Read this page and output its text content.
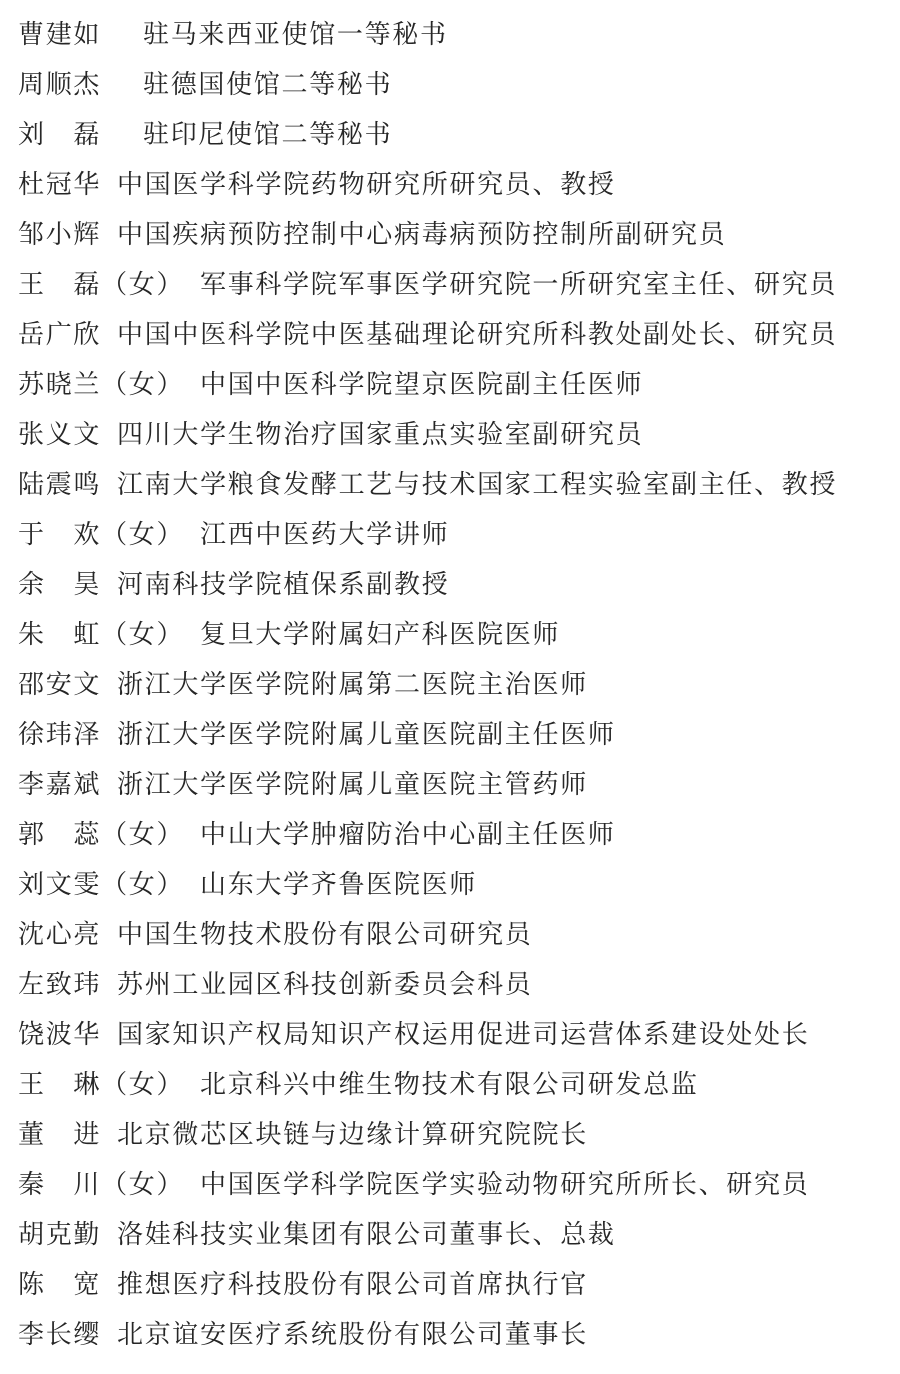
曹建如 驻马来西亚使馆一等秘书
周顺杰 驻德国使馆二等秘书
刘　磊 驻印尼使馆二等秘书
杜冠华 中国医学科学院药物研究所研究员、教授
邹小辉 中国疾病预防控制中心病毒病预防控制所副研究员
王　磊（女） 军事科学院军事医学研究院一所研究室主任、研究员
岳广欣 中国中医科学院中医基础理论研究所科教处副处长、研究员
苏晓兰（女） 中国中医科学院望京医院副主任医师
张义文 四川大学生物治疗国家重点实验室副研究员
陆震鸣 江南大学粮食发酵工艺与技术国家工程实验室副主任、教授
于　欢（女） 江西中医药大学讲师
余　昊 河南科技学院植保系副教授
朱　虹（女） 复旦大学附属妇产科医院医师
邵安文 浙江大学医学院附属第二医院主治医师
徐玮泽 浙江大学医学院附属儿童医院副主任医师
李嘉斌 浙江大学医学院附属儿童医院主管药师
郭　蕊（女） 中山大学肿瘤防治中心副主任医师
刘文雯（女） 山东大学齐鲁医院医师
沈心亮 中国生物技术股份有限公司研究员
左致玮 苏州工业园区科技创新委员会科员
饶波华 国家知识产权局知识产权运用促进司运营体系建设处处长
王　琳（女） 北京科兴中维生物技术有限公司研发总监
董　进 北京微芯区块链与边缘计算研究院院长
秦　川（女） 中国医学科学院医学实验动物研究所所长、研究员
胡克勤 洛娃科技实业集团有限公司董事长、总裁
陈　宽 推想医疗科技股份有限公司首席执行官
李长缨 北京谊安医疗系统股份有限公司董事长
